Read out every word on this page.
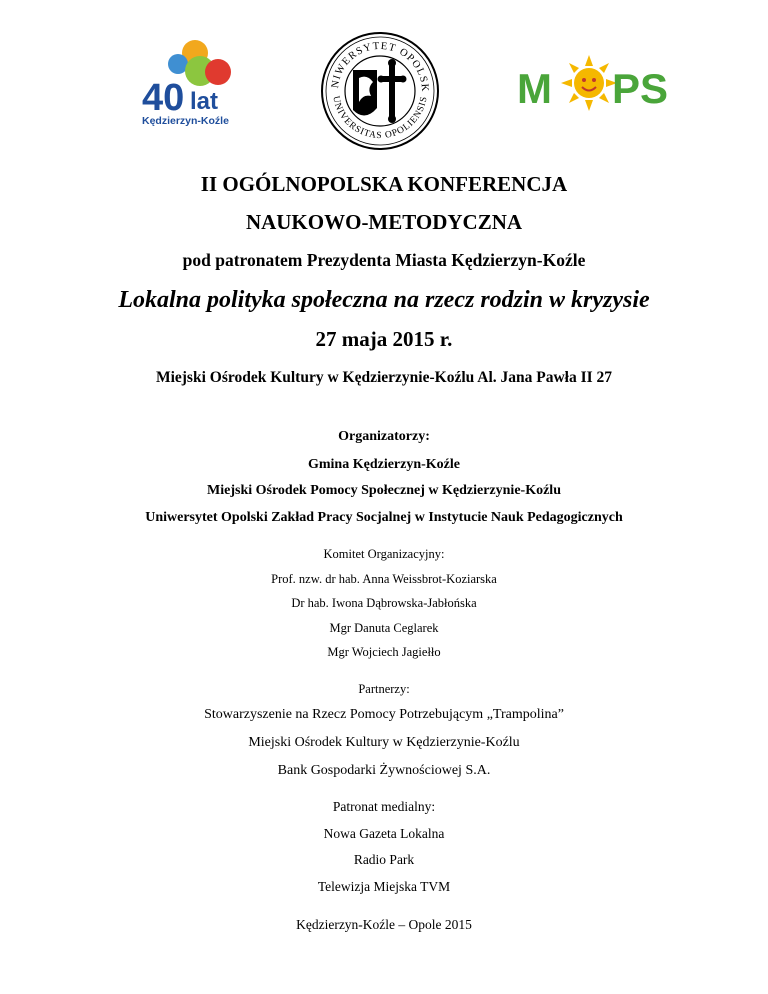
40 lat
Kędzierzyn-Koźle
NIWERSYTET OPOLSK
UNIVERSITAS OPOLIENSIS M PS
II OGÓLNOPOLSKA KONFERENCJA
NAUKOWO-METODYCZNA
pod patronatem Prezydenta Miasta Kędzierzyn-Koźle
Lokalna polityka społeczna na rzecz rodzin w kryzysie
27 maja 2015 r.
Miejski Ośrodek Kultury w Kędzierzynie-Koźlu Al. Jana Pawła II 27
Organizatorzy:
Gmina Kędzierzyn-Koźle
Miejski Ośrodek Pomocy Społecznej w Kędzierzynie-Koźlu
Uniwersytet Opolski Zakład Pracy Socjalnej w Instytucie Nauk Pedagogicznych
Komitet Organizacyjny:
Prof. nzw. dr hab. Anna Weissbrot-Koziarska
Dr hab. Iwona Dąbrowska-Jabłońska
Mgr Danuta Ceglarek
Mgr Wojciech Jagiełło
Partnerzy:
Stowarzyszenie na Rzecz Pomocy Potrzebującym „Trampolina”
Miejski Ośrodek Kultury w Kędzierzynie-Koźlu
Bank Gospodarki Żywnościowej S.A.
Patronat medialny:
Nowa Gazeta Lokalna
Radio Park
Telewizja Miejska TVM
Kędzierzyn-Koźle – Opole 2015
